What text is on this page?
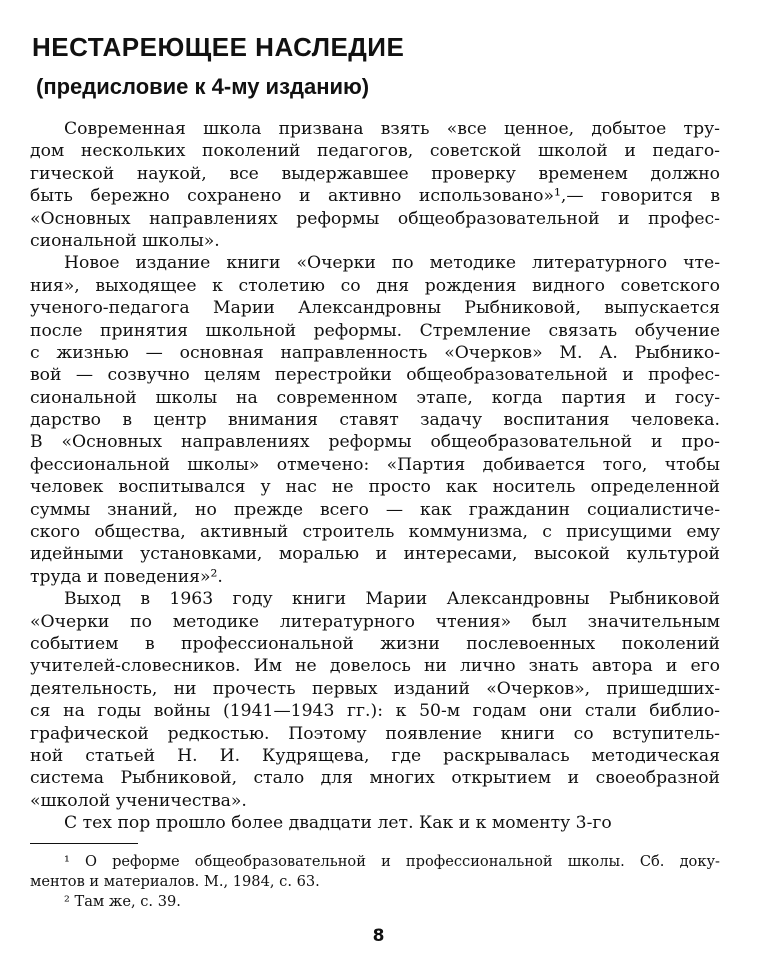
НЕСТАРЕЮЩЕЕ НАСЛЕДИЕ
(предисловие к 4-му изданию)
Современная школа призвана взять «все ценное, добытое тру-
дом нескольких поколений педагогов, советской школой и педаго-
гической наукой, все выдержавшее проверку временем должно
быть бережно сохранено и активно использовано»¹,— говорится в
«Основных направлениях реформы общеобразовательной и профес-
сиональной школы».
Новое издание книги «Очерки по методике литературного чте-
ния», выходящее к столетию со дня рождения видного советского
ученого-педагога Марии Александровны Рыбниковой, выпускается
после принятия школьной реформы. Стремление связать обучение
с жизнью — основная направленность «Очерков» М. А. Рыбнико-
вой — созвучно целям перестройки общеобразовательной и профес-
сиональной школы на современном этапе, когда партия и госу-
дарство в центр внимания ставят задачу воспитания человека.
В «Основных направлениях реформы общеобразовательной и про-
фессиональной школы» отмечено: «Партия добивается того, чтобы
человек воспитывался у нас не просто как носитель определенной
суммы знаний, но прежде всего — как гражданин социалистиче-
ского общества, активный строитель коммунизма, с присущими ему
идейными установками, моралью и интересами, высокой культурой
труда и поведения»².
Выход в 1963 году книги Марии Александровны Рыбниковой
«Очерки по методике литературного чтения» был значительным
событием в профессиональной жизни послевоенных поколений
учителей-словесников. Им не довелось ни лично знать автора и его
деятельность, ни прочесть первых изданий «Очерков», пришедших-
ся на годы войны (1941—1943 гг.): к 50-м годам они стали библио-
графической редкостью. Поэтому появление книги со вступитель-
ной статьей Н. И. Кудрящева, где раскрывалась методическая
система Рыбниковой, стало для многих открытием и своеобразной
«школой ученичества».
С тех пор прошло более двадцати лет. Как и к моменту 3-го
¹ О реформе общеобразовательной и профессиональной школы. Сб. доку-
ментов и материалов. М., 1984, с. 63.
² Там же, с. 39.
8
